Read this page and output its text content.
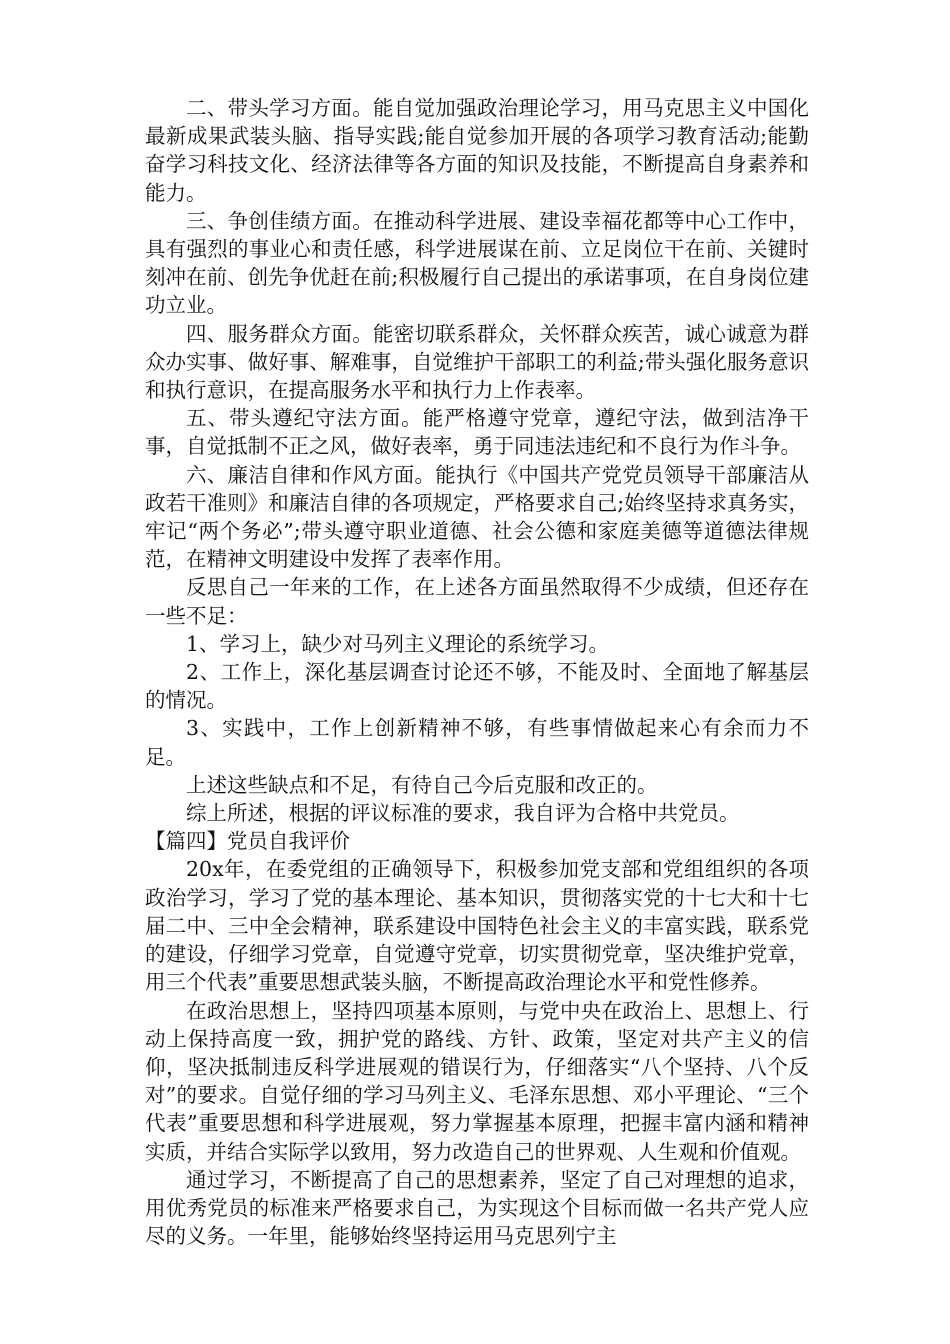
二、带头学习方面。能自觉加强政治理论学习，用马克思主义中国化最新成果武装头脑、指导实践;能自觉参加开展的各项学习教育活动;能勤奋学习科技文化、经济法律等各方面的知识及技能，不断提高自身素养和能力。

三、争创佳绩方面。在推动科学进展、建设幸福花都等中心工作中，具有强烈的事业心和责任感，科学进展谋在前、立足岗位干在前、关键时刻冲在前、创先争优赶在前;积极履行自己提出的承诺事项，在自身岗位建功立业。

四、服务群众方面。能密切联系群众，关怀群众疾苦，诚心诚意为群众办实事、做好事、解难事，自觉维护干部职工的利益;带头强化服务意识和执行意识，在提高服务水平和执行力上作表率。

五、带头遵纪守法方面。能严格遵守党章，遵纪守法，做到洁净干事，自觉抵制不正之风，做好表率，勇于同违法违纪和不良行为作斗争。

六、廉洁自律和作风方面。能执行《中国共产党党员领导干部廉洁从政若干准则》和廉洁自律的各项规定，严格要求自己;始终坚持求真务实，牢记“两个务必”;带头遵守职业道德、社会公德和家庭美德等道德法律规范，在精神文明建设中发挥了表率作用。

反思自己一年来的工作，在上述各方面虽然取得不少成绩，但还存在一些不足：

1、学习上，缺少对马列主义理论的系统学习。

2、工作上，深化基层调查讨论还不够，不能及时、全面地了解基层的情况。

3、实践中，工作上创新精神不够，有些事情做起来心有余而力不足。

上述这些缺点和不足，有待自己今后克服和改正的。

综上所述，根据的评议标准的要求，我自评为合格中共党员。

【篇四】党员自我评价

20x年，在委党组的正确领导下，积极参加党支部和党组组织的各项政治学习，学习了党的基本理论、基本知识，贯彻落实党的十七大和十七届二中、三中全会精神，联系建设中国特色社会主义的丰富实践，联系党的建设，仔细学习党章，自觉遵守党章，切实贯彻党章，坚决维护党章，用三个代表”重要思想武装头脑，不断提高政治理论水平和党性修养。

在政治思想上，坚持四项基本原则，与党中央在政治上、思想上、行动上保持高度一致，拥护党的路线、方针、政策，坚定对共产主义的信仰，坚决抵制违反科学进展观的错误行为，仔细落实“八个坚持、八个反对”的要求。自觉仔细的学习马列主义、毛泽东思想、邓小平理论、“三个代表”重要思想和科学进展观，努力掌握基本原理，把握丰富内涵和精神实质，并结合实际学以致用，努力改造自己的世界观、人生观和价值观。

通过学习，不断提高了自己的思想素养，坚定了自己对理想的追求，用优秀党员的标准来严格要求自己，为实现这个目标而做一名共产党人应尽的义务。一年里，能够始终坚持运用马克思列宁主
